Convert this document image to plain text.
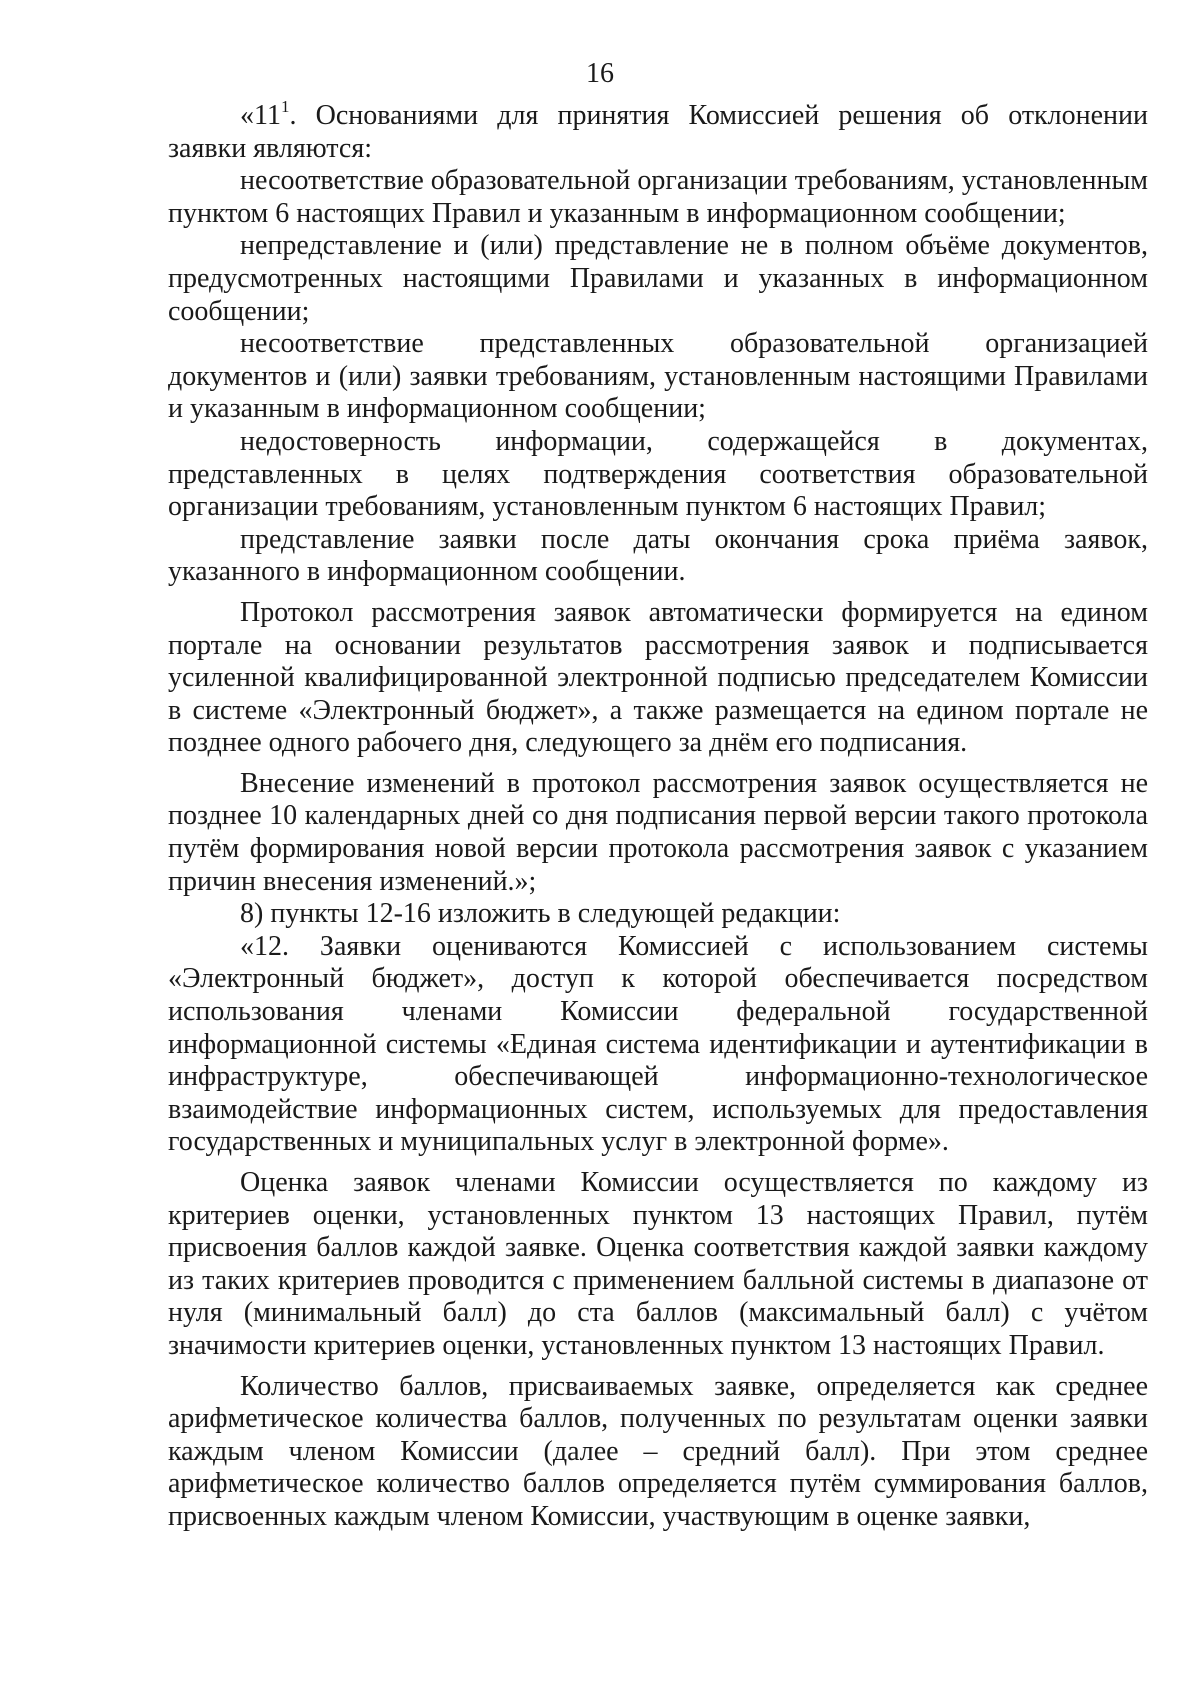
16

«$11^1$. Основаниями для принятия Комиссией решения об отклонении заявки являются:

несоответствие образовательной организации требованиям, установленным пунктом 6 настоящих Правил и указанным в информационном сообщении;

непредставление и (или) представление не в полном объёме документов, предусмотренных настоящими Правилами и указанных в информационном сообщении;

несоответствие представленных образовательной организацией документов и (или) заявки требованиям, установленным настоящими Правилами и указанным в информационном сообщении;

недостоверность информации, содержащейся в документах, представленных в целях подтверждения соответствия образовательной организации требованиям, установленным пунктом 6 настоящих Правил;

представление заявки после даты окончания срока приёма заявок, указанного в информационном сообщении.

Протокол рассмотрения заявок автоматически формируется на едином портале на основании результатов рассмотрения заявок и подписывается усиленной квалифицированной электронной подписью председателем Комиссии в системе «Электронный бюджет», а также размещается на едином портале не позднее одного рабочего дня, следующего за днём его подписания.

Внесение изменений в протокол рассмотрения заявок осуществляется не позднее 10 календарных дней со дня подписания первой версии такого протокола путём формирования новой версии протокола рассмотрения заявок с указанием причин внесения изменений.»;

8) пункты 12-16 изложить в следующей редакции:

«12. Заявки оцениваются Комиссией с использованием системы «Электронный бюджет», доступ к которой обеспечивается посредством использования членами Комиссии федеральной государственной информационной системы «Единая система идентификации и аутентификации в инфраструктуре, обеспечивающей информационно-технологическое взаимодействие информационных систем, используемых для предоставления государственных и муниципальных услуг в электронной форме».

Оценка заявок членами Комиссии осуществляется по каждому из критериев оценки, установленных пунктом 13 настоящих Правил, путём присвоения баллов каждой заявке. Оценка соответствия каждой заявки каждому из таких критериев проводится с применением балльной системы в диапазоне от нуля (минимальный балл) до ста баллов (максимальный балл) с учётом значимости критериев оценки, установленных пунктом 13 настоящих Правил.

Количество баллов, присваиваемых заявке, определяется как среднее арифметическое количества баллов, полученных по результатам оценки заявки каждым членом Комиссии (далее – средний балл). При этом среднее арифметическое количество баллов определяется путём суммирования баллов, присвоенных каждым членом Комиссии, участвующим в оценке заявки,
